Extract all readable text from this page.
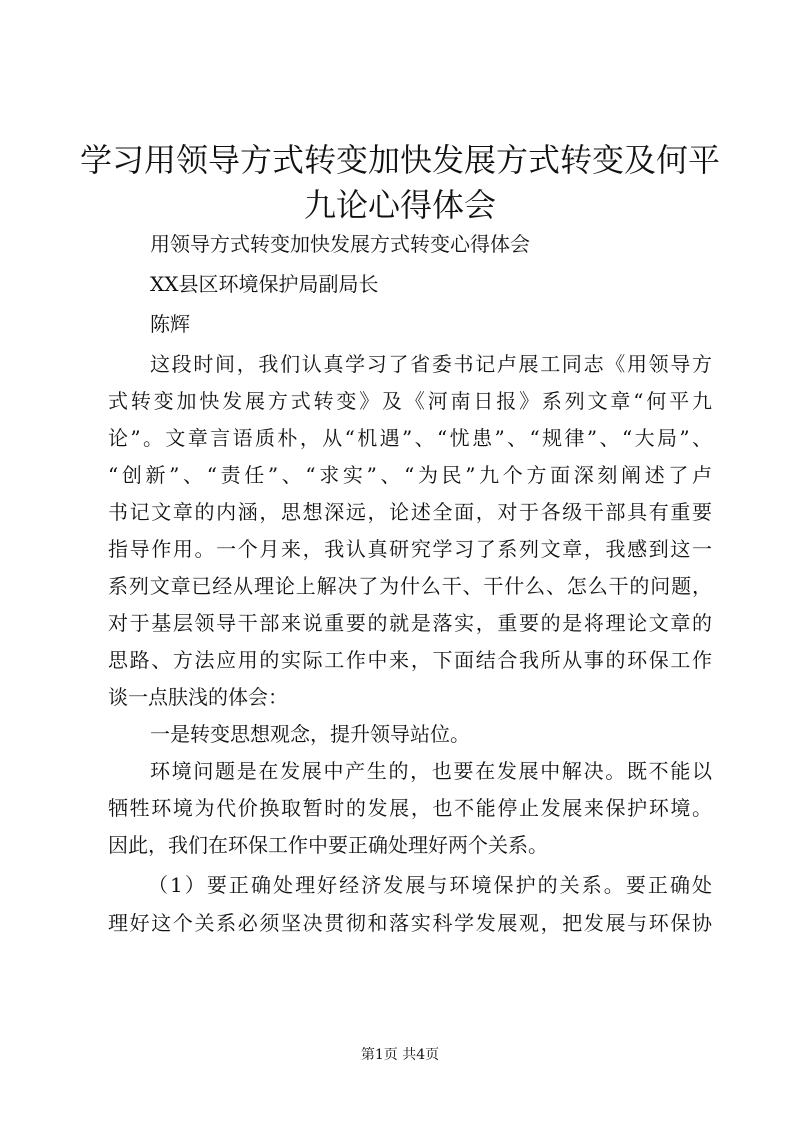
学习用领导方式转变加快发展方式转变及何平
九论心得体会
用领导方式转变加快发展方式转变心得体会
XX县区环境保护局副局长
陈辉
这段时间，我们认真学习了省委书记卢展工同志《用领导方
式转变加快发展方式转变》及《河南日报》系列文章“何平九
论”。文章言语质朴，从“机遇”、“忧患”、“规律”、“大局”、
“创新”、“责任”、“求实”、“为民”九个方面深刻阐述了卢
书记文章的内涵，思想深远，论述全面，对于各级干部具有重要
指导作用。一个月来，我认真研究学习了系列文章，我感到这一
系列文章已经从理论上解决了为什么干、干什么、怎么干的问题，
对于基层领导干部来说重要的就是落实，重要的是将理论文章的
思路、方法应用的实际工作中来，下面结合我所从事的环保工作
谈一点肤浅的体会：
一是转变思想观念，提升领导站位。
环境问题是在发展中产生的，也要在发展中解决。既不能以
牺牲环境为代价换取暂时的发展，也不能停止发展来保护环境。
因此，我们在环保工作中要正确处理好两个关系。
（1）要正确处理好经济发展与环境保护的关系。要正确处
理好这个关系必须坚决贯彻和落实科学发展观，把发展与环保协
第1页 共4页
